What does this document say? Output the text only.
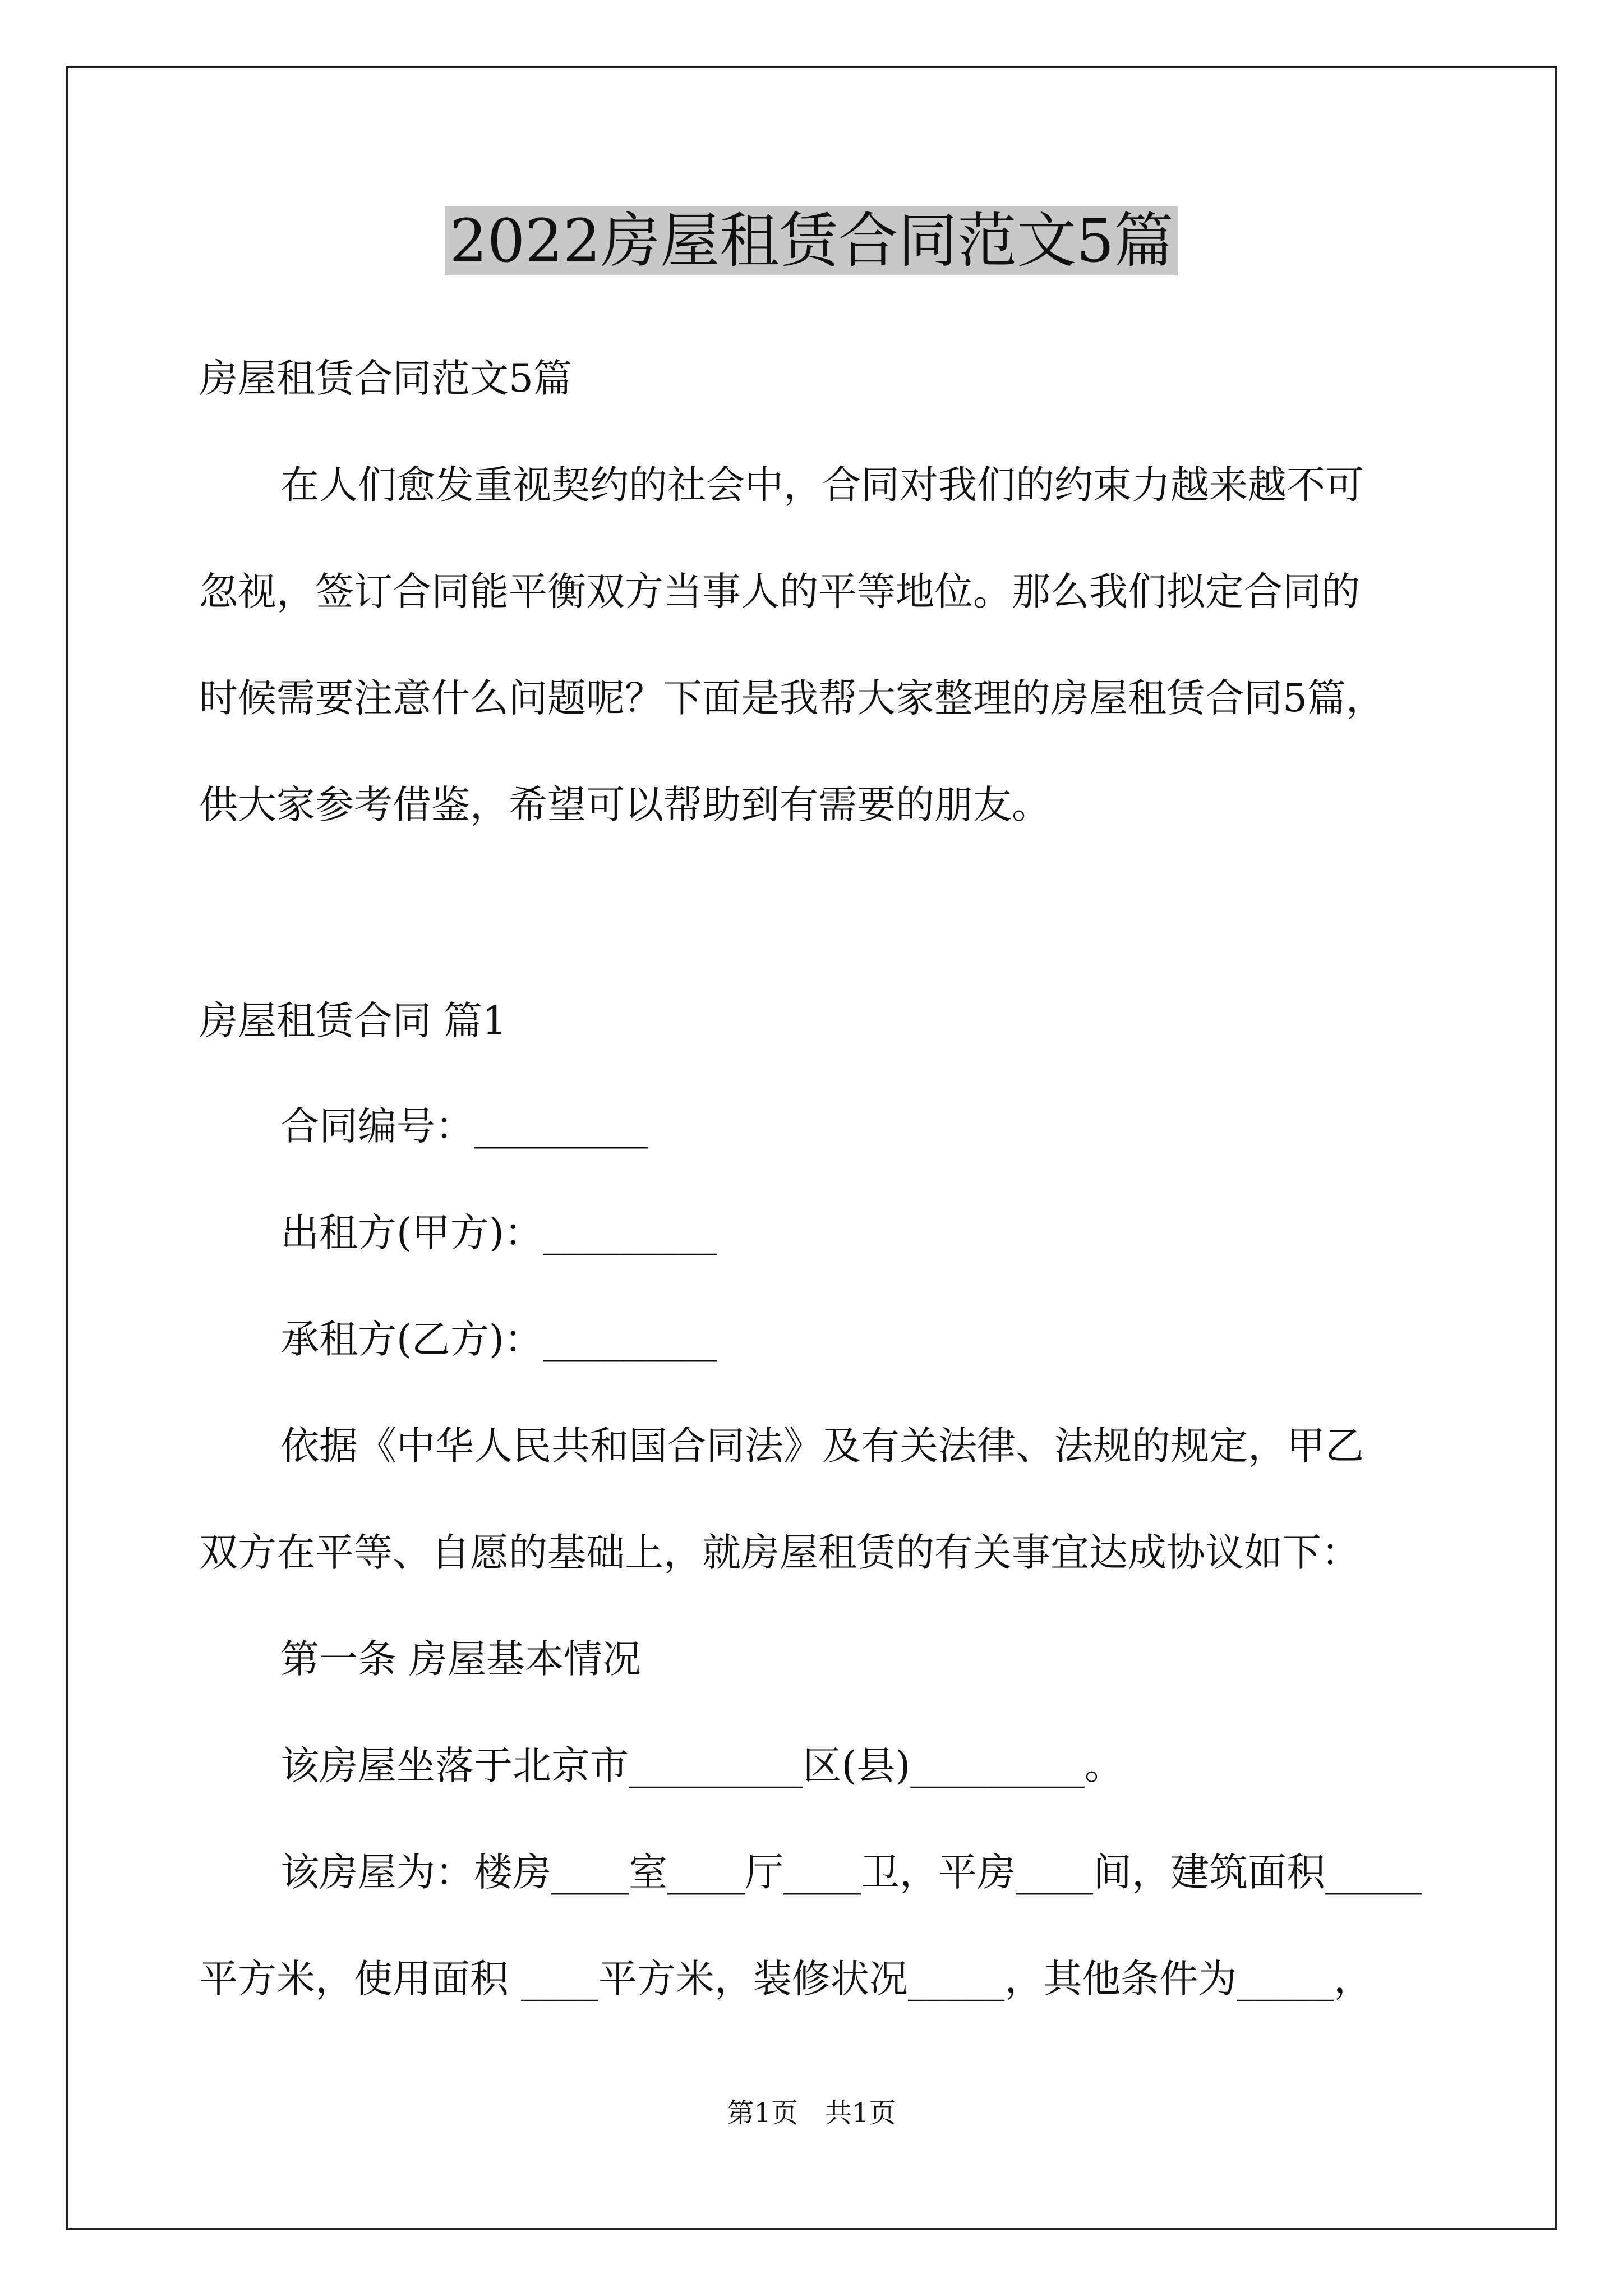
2022房屋租赁合同范文5篇
房屋租赁合同范文5篇
在人们愈发重视契约的社会中，合同对我们的约束力越来越不可
忽视，签订合同能平衡双方当事人的平等地位。那么我们拟定合同的
时候需要注意什么问题呢？下面是我帮大家整理的房屋租赁合同5篇，
供大家参考借鉴，希望可以帮助到有需要的朋友。
房屋租赁合同 篇1
合同编号：_________
出租方(甲方)：_________
承租方(乙方)：_________
依据《中华人民共和国合同法》及有关法律、法规的规定，甲乙
双方在平等、自愿的基础上，就房屋租赁的有关事宜达成协议如下：
第一条 房屋基本情况
该房屋坐落于北京市_________区(县)_________。
该房屋为：楼房____室____厅____卫，平房____间，建筑面积_____
平方米，使用面积 ____平方米，装修状况_____，其他条件为_____，
第1页　共1页
